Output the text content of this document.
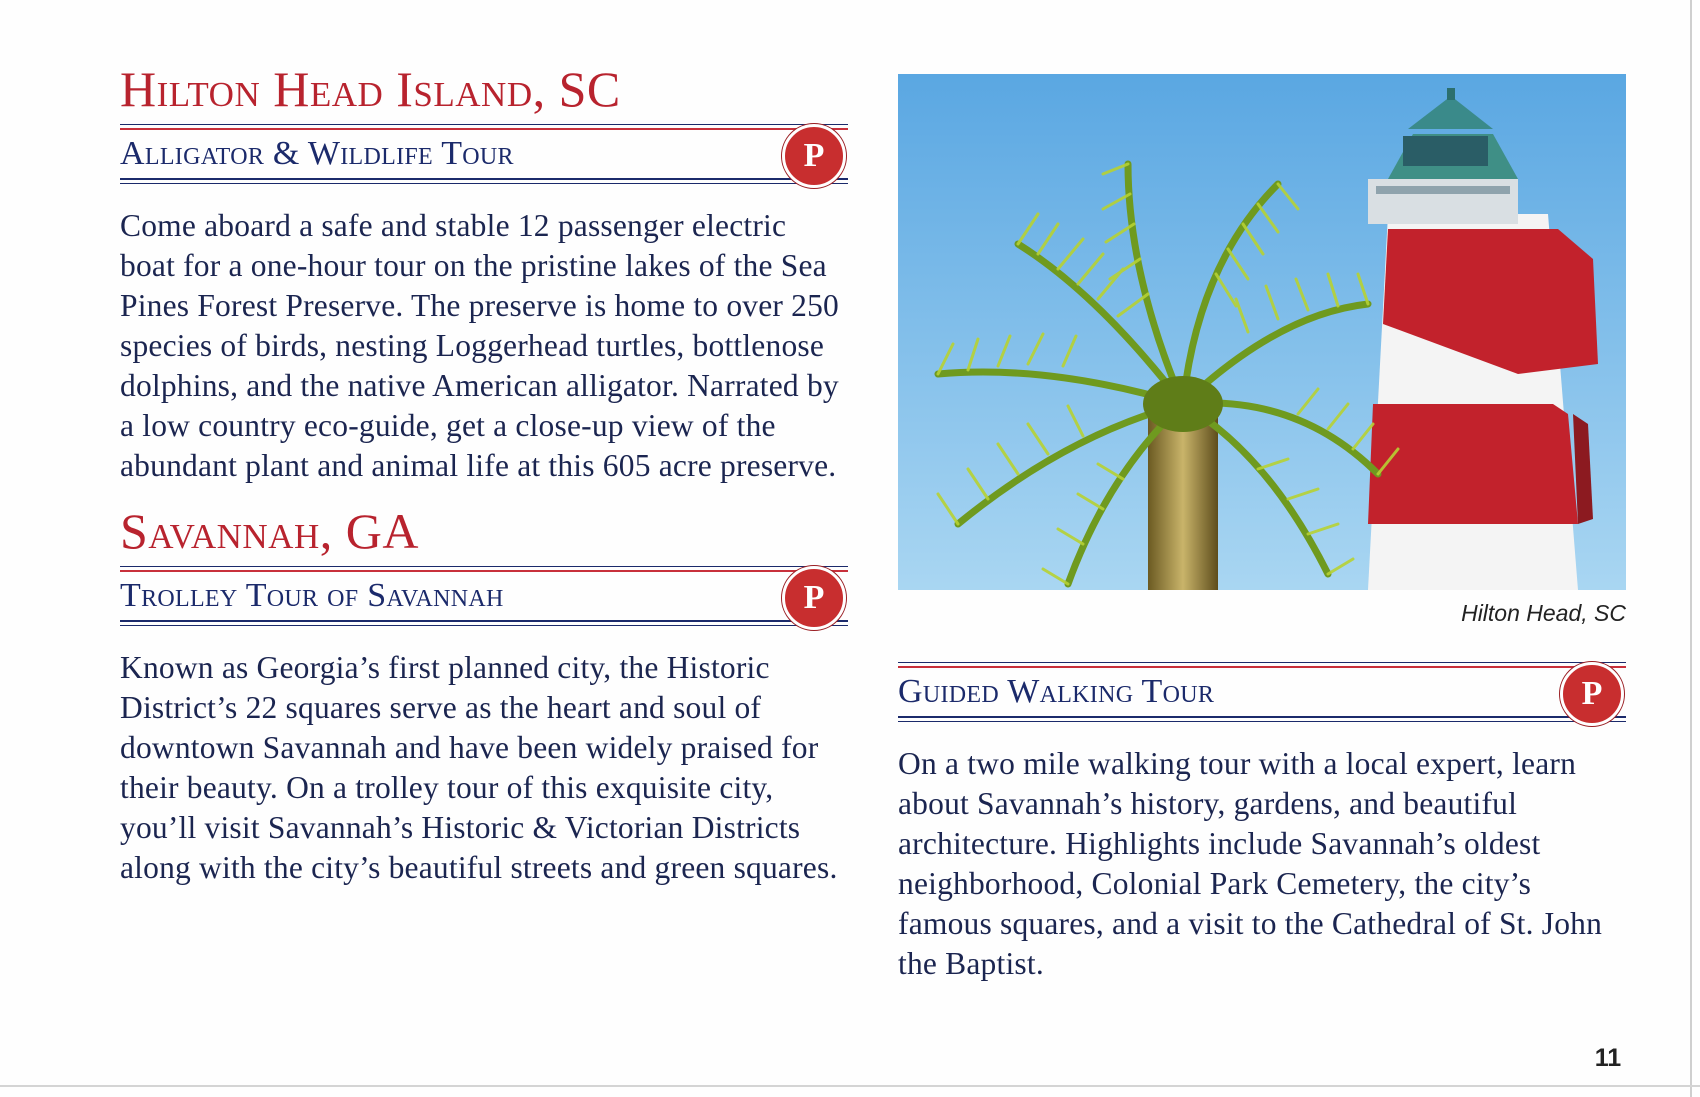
Hilton Head Island, SC
Alligator & Wildlife Tour	P

Come aboard a safe and stable 12 passenger electric boat for a one-hour tour on the pristine lakes of the Sea Pines Forest Preserve. The preserve is home to over 250 species of birds, nesting Loggerhead turtles, bottlenose dolphins, and the native American alligator. Narrated by a low country eco-guide, get a close-up view of the abundant plant and animal life at this 605 acre preserve.

Savannah, GA
Trolley Tour of Savannah	P

Known as Georgia’s first planned city, the Historic District’s 22 squares serve as the heart and soul of downtown Savannah and have been widely praised for their beauty. On a trolley tour of this exquisite city, you’ll visit Savannah’s Historic & Victorian Districts along with the city’s beautiful streets and green squares.

Hilton Head, SC
Guided Walking Tour	P

On a two mile walking tour with a local expert, learn about Savannah’s history, gardens, and beautiful architecture. Highlights include Savannah’s oldest neighborhood, Colonial Park Cemetery, the city’s famous squares, and a visit to the Cathedral of St. John the Baptist.

11
